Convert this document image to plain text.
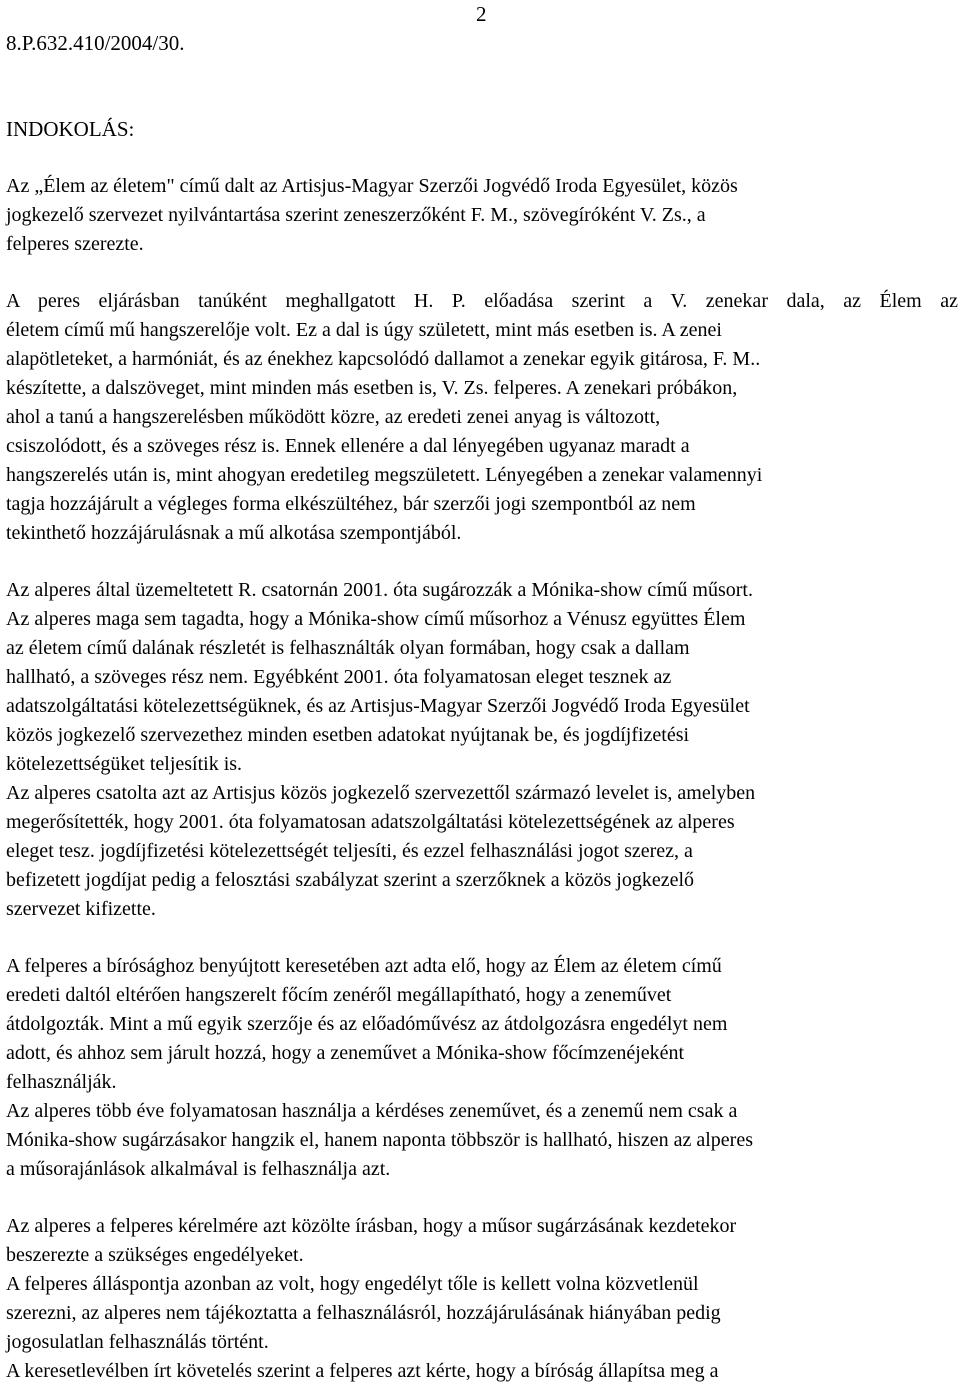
2
8.P.632.410/2004/30.
INDOKOLÁS:
Az „Élem az életem" című dalt az Artisjus-Magyar Szerzői Jogvédő Iroda Egyesület, közös
jogkezelő szervezet nyilvántartása szerint zeneszerzőként F. M., szövegíróként V. Zs., a
felperes szerezte.
A peres eljárásban tanúként meghallgatott H. P. előadása szerint a V. zenekar dala, az Élem az
életem című mű hangszerelője volt. Ez a dal is úgy született, mint más esetben is. A zenei
alapötleteket, a harmóniát, és az énekhez kapcsolódó dallamot a zenekar egyik gitárosa, F. M..
készítette, a dalszöveget, mint minden más esetben is, V. Zs. felperes. A zenekari próbákon,
ahol a tanú a hangszerelésben működött közre, az eredeti zenei anyag is változott,
csiszolódott, és a szöveges rész is. Ennek ellenére a dal lényegében ugyanaz maradt a
hangszerelés után is, mint ahogyan eredetileg megszületett. Lényegében a zenekar valamennyi
tagja hozzájárult a végleges forma elkészültéhez, bár szerzői jogi szempontból az nem
tekinthető hozzájárulásnak a mű alkotása szempontjából.
Az alperes által üzemeltetett R. csatornán 2001. óta sugározzák a Mónika-show című műsort.
Az alperes maga sem tagadta, hogy a Mónika-show című műsorhoz a Vénusz együttes Élem
az életem című dalának részletét is felhasználták olyan formában, hogy csak a dallam
hallható, a szöveges rész nem. Egyébként 2001. óta folyamatosan eleget tesznek az
adatszolgáltatási kötelezettségüknek, és az Artisjus-Magyar Szerzői Jogvédő Iroda Egyesület
közös jogkezelő szervezethez minden esetben adatokat nyújtanak be, és jogdíjfizetési
kötelezettségüket teljesítik is.
Az alperes csatolta azt az Artisjus közös jogkezelő szervezettől származó levelet is, amelyben
megerősítették, hogy 2001. óta folyamatosan adatszolgáltatási kötelezettségének az alperes
eleget tesz. jogdíjfizetési kötelezettségét teljesíti, és ezzel felhasználási jogot szerez, a
befizetett jogdíjat pedig a felosztási szabályzat szerint a szerzőknek a közös jogkezelő
szervezet kifizette.
A felperes a bírósághoz benyújtott keresetében azt adta elő, hogy az Élem az életem című
eredeti daltól eltérően hangszerelt főcím zenéről megállapítható, hogy a zeneművet
átdolgozták. Mint a mű egyik szerzője és az előadóművész az átdolgozásra engedélyt nem
adott, és ahhoz sem járult hozzá, hogy a zeneművet a Mónika-show főcímzenéjeként
felhasználják.
Az alperes több éve folyamatosan használja a kérdéses zeneművet, és a zenemű nem csak a
Mónika-show sugárzásakor hangzik el, hanem naponta többször is hallható, hiszen az alperes
a műsorajánlások alkalmával is felhasználja azt.
Az alperes a felperes kérelmére azt közölte írásban, hogy a műsor sugárzásának kezdetekor
beszerezte a szükséges engedélyeket.
A felperes álláspontja azonban az volt, hogy engedélyt tőle is kellett volna közvetlenül
szerezni, az alperes nem tájékoztatta a felhasználásról, hozzájárulásának hiányában pedig
jogosulatlan felhasználás történt.
A keresetlevélben írt követelés szerint a felperes azt kérte, hogy a bíróság állapítsa meg a
